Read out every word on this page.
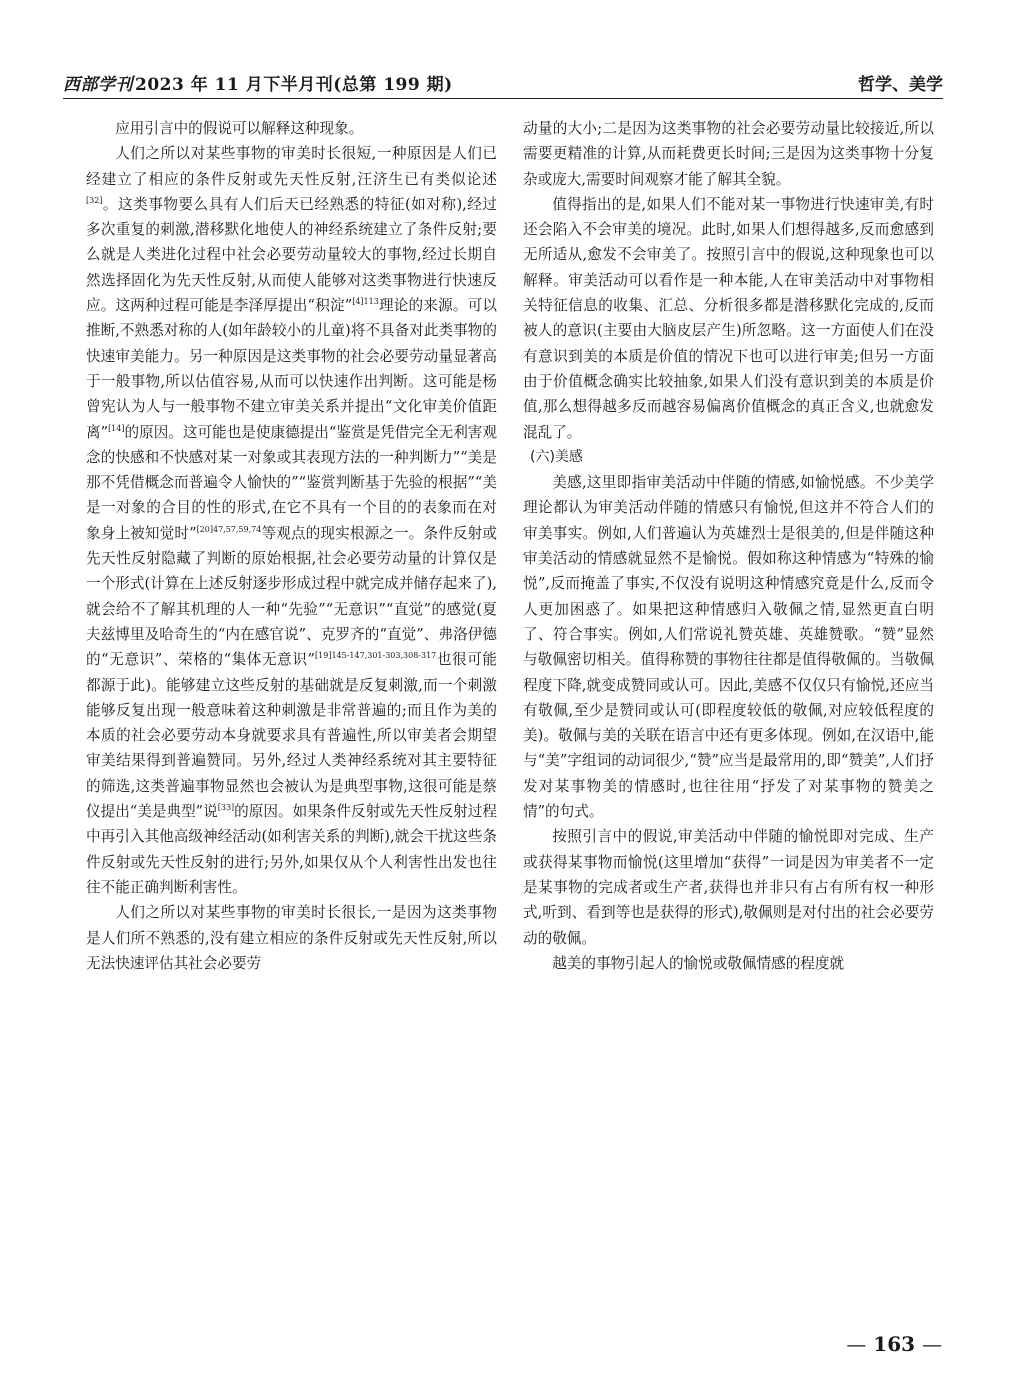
西部学刊 2023 年 11 月下半月刊(总第 199 期)	哲学、美学

应用引言中的假说可以解释这种现象。

人们之所以对某些事物的审美时长很短,一种原因是人们已经建立了相应的条件反射或先天性反射,汪济生已有类似论述[32]。这类事物要么具有人们后天已经熟悉的特征(如对称),经过多次重复的刺激,潜移默化地使人的神经系统建立了条件反射;要么就是人类进化过程中社会必要劳动量较大的事物,经过长期自然选择固化为先天性反射,从而使人能够对这类事物进行快速反应。这两种过程可能是李泽厚提出“积淀”$^{[4]113}$理论的来源。可以推断,不熟悉对称的人(如年龄较小的儿童)将不具备对此类事物的快速审美能力。另一种原因是这类事物的社会必要劳动量显著高于一般事物,所以估值容易,从而可以快速作出判断。这可能是杨曾宪认为人与一般事物不建立审美关系并提出“文化审美价值距离”[14]的原因。这可能也是使康德提出“鉴赏是凭借完全无利害观念的快感和不快感对某一对象或其表现方法的一种判断力”“美是那不凭借概念而普遍令人愉快的”“鉴赏判断基于先验的根据”“美是一对象的合目的性的形式,在它不具有一个目的的表象而在对象身上被知觉时”$^{[20]47,57,59,74}$等观点的现实根源之一。条件反射或先天性反射隐藏了判断的原始根据,社会必要劳动量的计算仅是一个形式(计算在上述反射逐步形成过程中就完成并储存起来了),就会给不了解其机理的人一种“先验”“无意识”“直觉”的感觉(夏夫兹博里及哈奇生的“内在感官说”、克罗齐的“直觉”、弗洛伊德的“无意识”、荣格的“集体无意识”$^{[19]145-147,301-303,308-317}$也很可能都源于此)。能够建立这些反射的基础就是反复刺激,而一个刺激能够反复出现一般意味着这种刺激是非常普遍的;而且作为美的本质的社会必要劳动本身就要求具有普遍性,所以审美者会期望审美结果得到普遍赞同。另外,经过人类神经系统对其主要特征的筛选,这类普遍事物显然也会被认为是典型事物,这很可能是蔡仪提出“美是典型”说[33]的原因。如果条件反射或先天性反射过程中再引入其他高级神经活动(如利害关系的判断),就会干扰这些条件反射或先天性反射的进行;另外,如果仅从个人利害性出发也往往不能正确判断利害性。

人们之所以对某些事物的审美时长很长,一是因为这类事物是人们所不熟悉的,没有建立相应的条件反射或先天性反射,所以无法快速评估其社会必要劳

动量的大小;二是因为这类事物的社会必要劳动量比较接近,所以需要更精准的计算,从而耗费更长时间;三是因为这类事物十分复杂或庞大,需要时间观察才能了解其全貌。

值得指出的是,如果人们不能对某一事物进行快速审美,有时还会陷入不会审美的境况。此时,如果人们想得越多,反而愈感到无所适从,愈发不会审美了。按照引言中的假说,这种现象也可以解释。审美活动可以看作是一种本能,人在审美活动中对事物相关特征信息的收集、汇总、分析很多都是潜移默化完成的,反而被人的意识(主要由大脑皮层产生)所忽略。这一方面使人们在没有意识到美的本质是价值的情况下也可以进行审美;但另一方面由于价值概念确实比较抽象,如果人们没有意识到美的本质是价值,那么想得越多反而越容易偏离价值概念的真正含义,也就愈发混乱了。

(六)美感

美感,这里即指审美活动中伴随的情感,如愉悦感。不少美学理论都认为审美活动伴随的情感只有愉悦,但这并不符合人们的审美事实。例如,人们普遍认为英雄烈士是很美的,但是伴随这种审美活动的情感就显然不是愉悦。假如称这种情感为“特殊的愉悦”,反而掩盖了事实,不仅没有说明这种情感究竟是什么,反而令人更加困惑了。如果把这种情感归入敬佩之情,显然更直白明了、符合事实。例如,人们常说礼赞英雄、英雄赞歌。“赞”显然与敬佩密切相关。值得称赞的事物往往都是值得敬佩的。当敬佩程度下降,就变成赞同或认可。因此,美感不仅仅只有愉悦,还应当有敬佩,至少是赞同或认可(即程度较低的敬佩,对应较低程度的美)。敬佩与美的关联在语言中还有更多体现。例如,在汉语中,能与“美”字组词的动词很少,“赞”应当是最常用的,即“赞美”,人们抒发对某事物美的情感时,也往往用“抒发了对某事物的赞美之情”的句式。

按照引言中的假说,审美活动中伴随的愉悦即对完成、生产或获得某事物而愉悦(这里增加“获得”一词是因为审美者不一定是某事物的完成者或生产者,获得也并非只有占有所有权一种形式,听到、看到等也是获得的形式),敬佩则是对付出的社会必要劳动的敬佩。

越美的事物引起人的愉悦或敬佩情感的程度就

— 163 —
